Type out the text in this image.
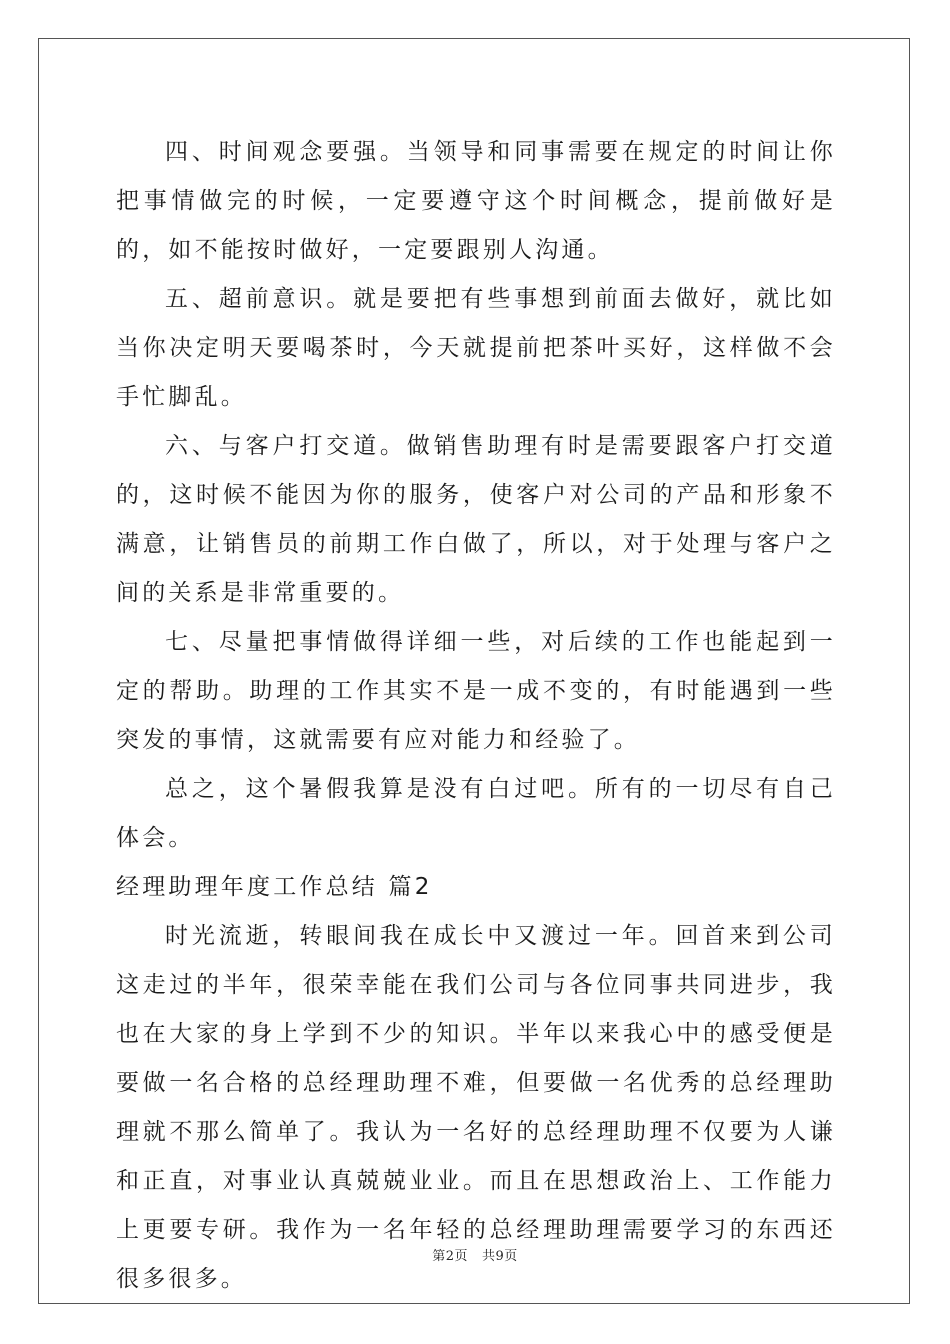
四、时间观念要强。当领导和同事需要在规定的时间让你把事情做完的时候，一定要遵守这个时间概念，提前做好是的，如不能按时做好，一定要跟别人沟通。

五、超前意识。就是要把有些事想到前面去做好，就比如当你决定明天要喝茶时，今天就提前把茶叶买好，这样做不会手忙脚乱。

六、与客户打交道。做销售助理有时是需要跟客户打交道的，这时候不能因为你的服务，使客户对公司的产品和形象不满意，让销售员的前期工作白做了，所以，对于处理与客户之间的关系是非常重要的。

七、尽量把事情做得详细一些，对后续的工作也能起到一定的帮助。助理的工作其实不是一成不变的，有时能遇到一些突发的事情，这就需要有应对能力和经验了。

总之，这个暑假我算是没有白过吧。所有的一切尽有自己体会。

经理助理年度工作总结 篇2

时光流逝，转眼间我在成长中又渡过一年。回首来到公司这走过的半年，很荣幸能在我们公司与各位同事共同进步，我也在大家的身上学到不少的知识。半年以来我心中的感受便是要做一名合格的总经理助理不难，但要做一名优秀的总经理助理就不那么简单了。我认为一名好的总经理助理不仅要为人谦和正直，对事业认真兢兢业业。而且在思想政治上、工作能力上更要专研。我作为一名年轻的总经理助理需要学习的东西还很多很多。

第2页 共9页
